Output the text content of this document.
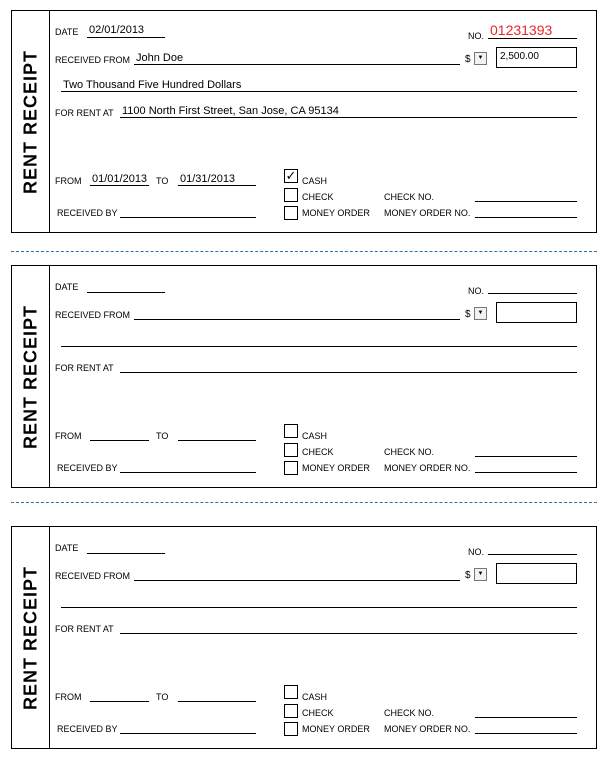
RENT RECEIPT
DATE 02/01/2013	NO. 01231393
RECEIVED FROM John Doe	$	▼	2,500.00
Two Thousand Five Hundred Dollars
FOR RENT AT 1100 North First Street, San Jose, CA 95134
FROM 01/01/2013 TO 01/31/2013	✓ CASH
CHECK
MONEY ORDER
CHECK NO.
MONEY ORDER NO.
RECEIVED BY
RENT RECEIPT
DATE	NO.
RECEIVED FROM	$	▼
FOR RENT AT
FROM	TO	CASH
CHECK
MONEY ORDER
CHECK NO.
MONEY ORDER NO.
RECEIVED BY
RENT RECEIPT
DATE	NO.
RECEIVED FROM	$	▼
FOR RENT AT
FROM	TO	CASH
CHECK
MONEY ORDER
CHECK NO.
MONEY ORDER NO.
RECEIVED BY
